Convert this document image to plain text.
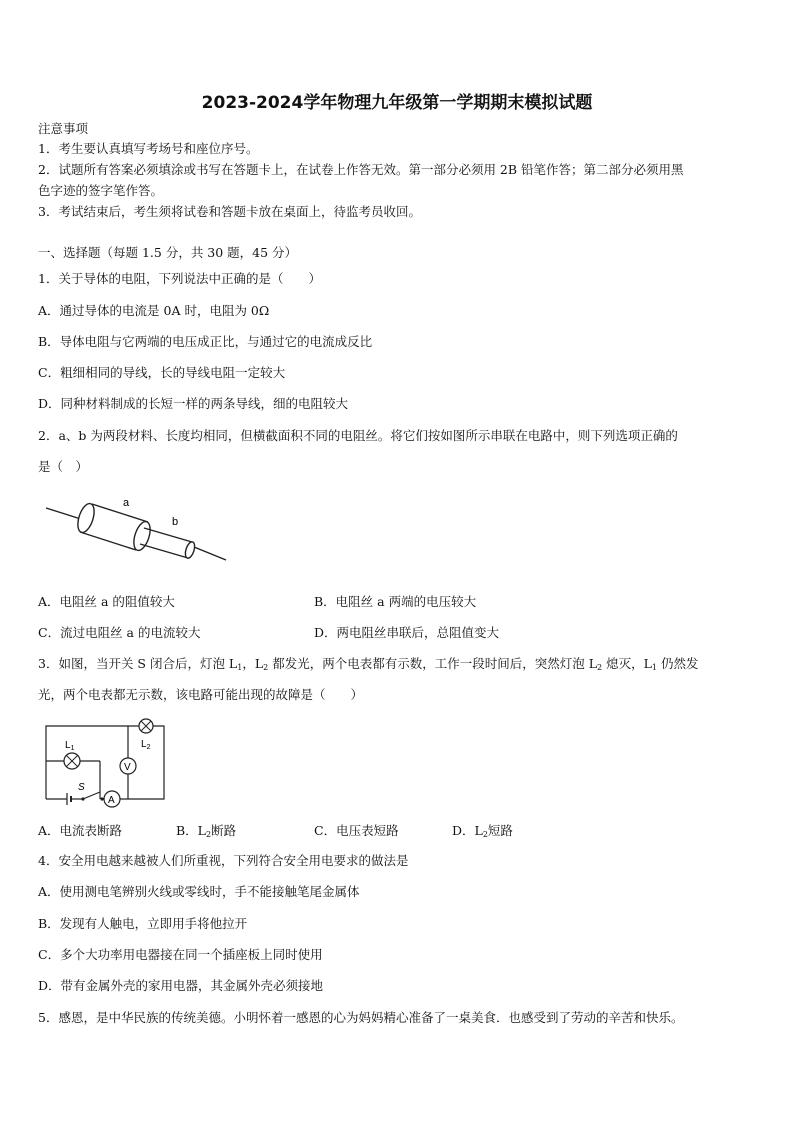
2023-2024学年物理九年级第一学期期末模拟试题
注意事项
1．考生要认真填写考场号和座位序号。
2．试题所有答案必须填涂或书写在答题卡上，在试卷上作答无效。第一部分必须用 2B 铅笔作答；第二部分必须用黑
色字迹的签字笔作答。
3．考试结束后，考生须将试卷和答题卡放在桌面上，待监考员收回。
一、选择题（每题 1.5 分，共 30 题，45 分）
1．关于导体的电阻，下列说法中正确的是（　　）
A．通过导体的电流是 0A 时，电阻为 0Ω
B．导体电阻与它两端的电压成正比，与通过它的电流成反比
C．粗细相同的导线，长的导线电阻一定较大
D．同种材料制成的长短一样的两条导线，细的电阻较大
2．a、b 为两段材料、长度均相同，但横截面积不同的电阻丝。将它们按如图所示串联在电路中，则下列选项正确的
是（　）
a
b
A．电阻丝 a 的阻值较大	B．电阻丝 a 两端的电压较大
C．流过电阻丝 a 的电流较大	D．两电阻丝串联后，总阻值变大
3．如图，当开关 S 闭合后，灯泡 $L_1$，$L_2$ 都发光，两个电表都有示数，工作一段时间后，突然灯泡 $L_2$ 熄灭，$L_1$ 仍然发
光，两个电表都无示数，该电路可能出现的故障是（　　）
S
A
$L_1$	$L_2$
V
A．电流表断路	B．$L_2$断路	C．电压表短路	D．$L_2$短路
4．安全用电越来越被人们所重视，下列符合安全用电要求的做法是
A．使用测电笔辨别火线或零线时，手不能接触笔尾金属体
B．发现有人触电，立即用手将他拉开
C．多个大功率用电器接在同一个插座板上同时使用
D．带有金属外壳的家用电器，其金属外壳必须接地
5．感恩，是中华民族的传统美德。小明怀着一感恩的心为妈妈精心准备了一桌美食．也感受到了劳动的辛苦和快乐。
